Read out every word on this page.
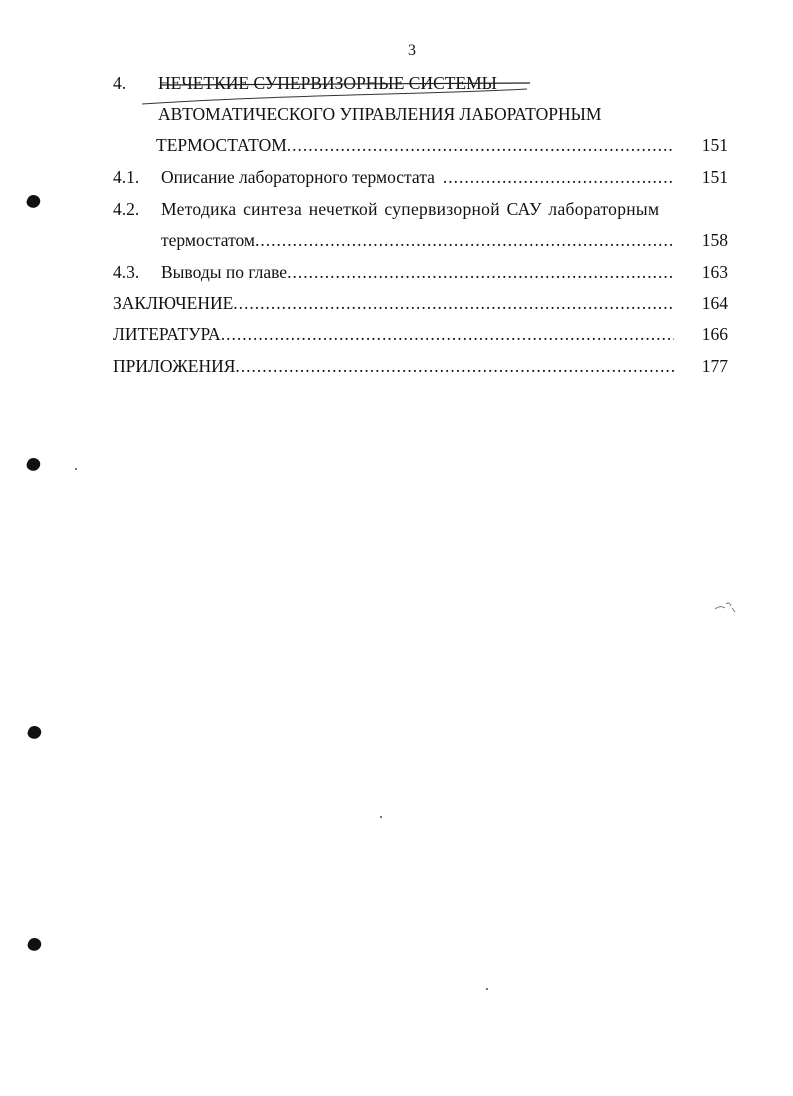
3
4. НЕЧЕТКИЕ СУПЕРВИЗОРНЫЕ СИСТЕМЫ
АВТОМАТИЧЕСКОГО УПРАВЛЕНИЯ ЛАБОРАТОРНЫМ
ТЕРМОСТАТОМ .....	151
4.1. Описание лабораторного термостата .....	151
4.2. Методика синтеза нечеткой супервизорной САУ лабораторным
термостатом .....	158
4.3. Выводы по главе .....	163
ЗАКЛЮЧЕНИЕ .....	164
ЛИТЕРАТУРА .....	166
ПРИЛОЖЕНИЯ .....	177
